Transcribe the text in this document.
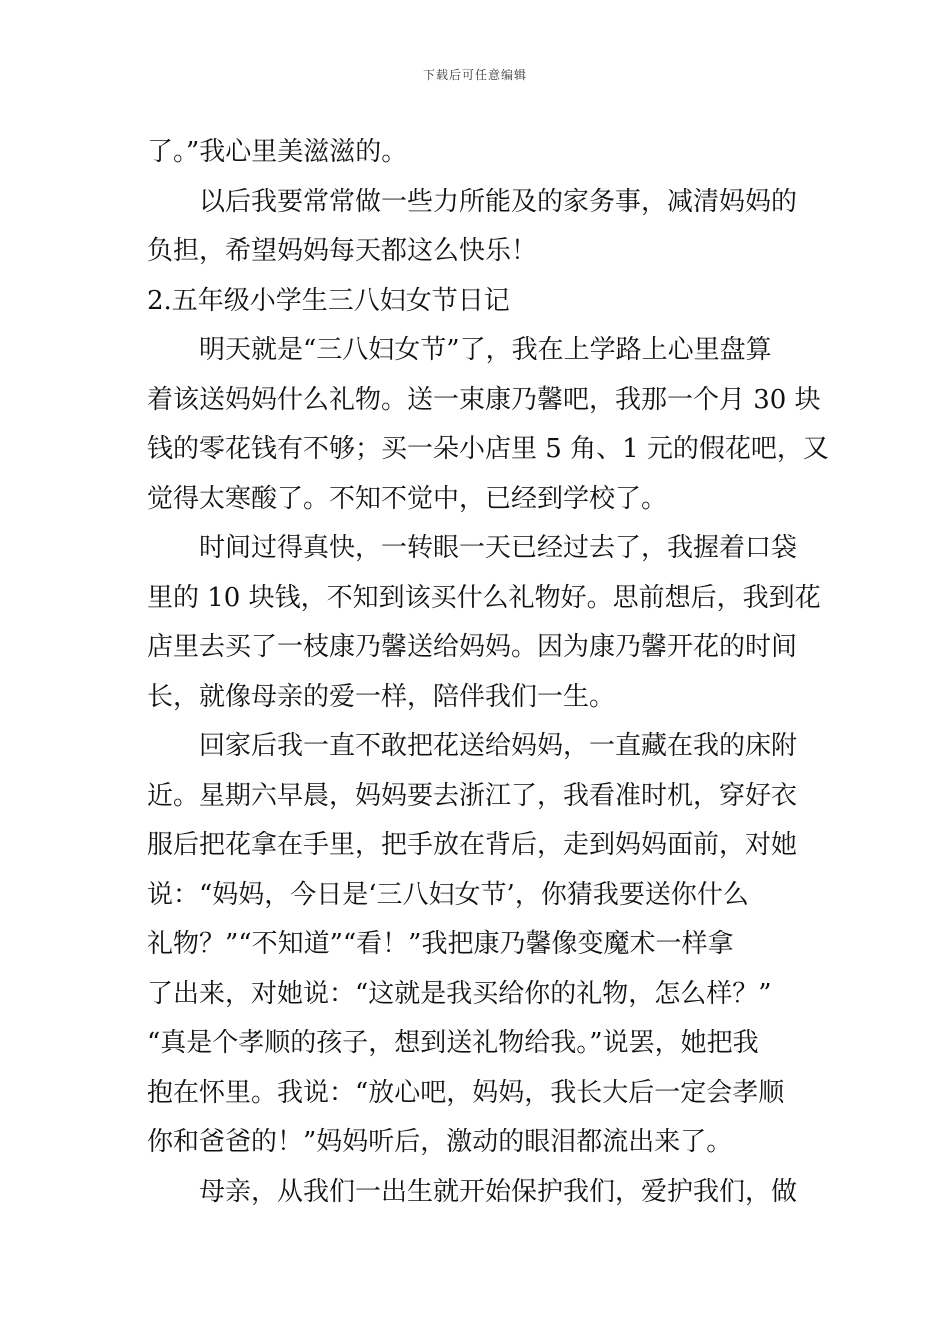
下载后可任意编辑
了。”我心里美滋滋的。
以后我要常常做一些力所能及的家务事，减清妈妈的
负担，希望妈妈每天都这么快乐！
2.五年级小学生三八妇女节日记
明天就是“三八妇女节”了，我在上学路上心里盘算
着该送妈妈什么礼物。送一束康乃馨吧，我那一个月 30 块
钱的零花钱有不够；买一朵小店里 5 角、1 元的假花吧，又
觉得太寒酸了。不知不觉中，已经到学校了。
时间过得真快，一转眼一天已经过去了，我握着口袋
里的 10 块钱，不知到该买什么礼物好。思前想后，我到花
店里去买了一枝康乃馨送给妈妈。因为康乃馨开花的时间
长，就像母亲的爱一样，陪伴我们一生。
回家后我一直不敢把花送给妈妈，一直藏在我的床附
近。星期六早晨，妈妈要去浙江了，我看准时机，穿好衣
服后把花拿在手里，把手放在背后，走到妈妈面前，对她
说：“妈妈，今日是‘三八妇女节’，你猜我要送你什么
礼物？”“不知道”“看！”我把康乃馨像变魔术一样拿
了出来，对她说：“这就是我买给你的礼物，怎么样？”
“真是个孝顺的孩子，想到送礼物给我。”说罢，她把我
抱在怀里。我说：“放心吧，妈妈，我长大后一定会孝顺
你和爸爸的！”妈妈听后，激动的眼泪都流出来了。
母亲，从我们一出生就开始保护我们，爱护我们，做
